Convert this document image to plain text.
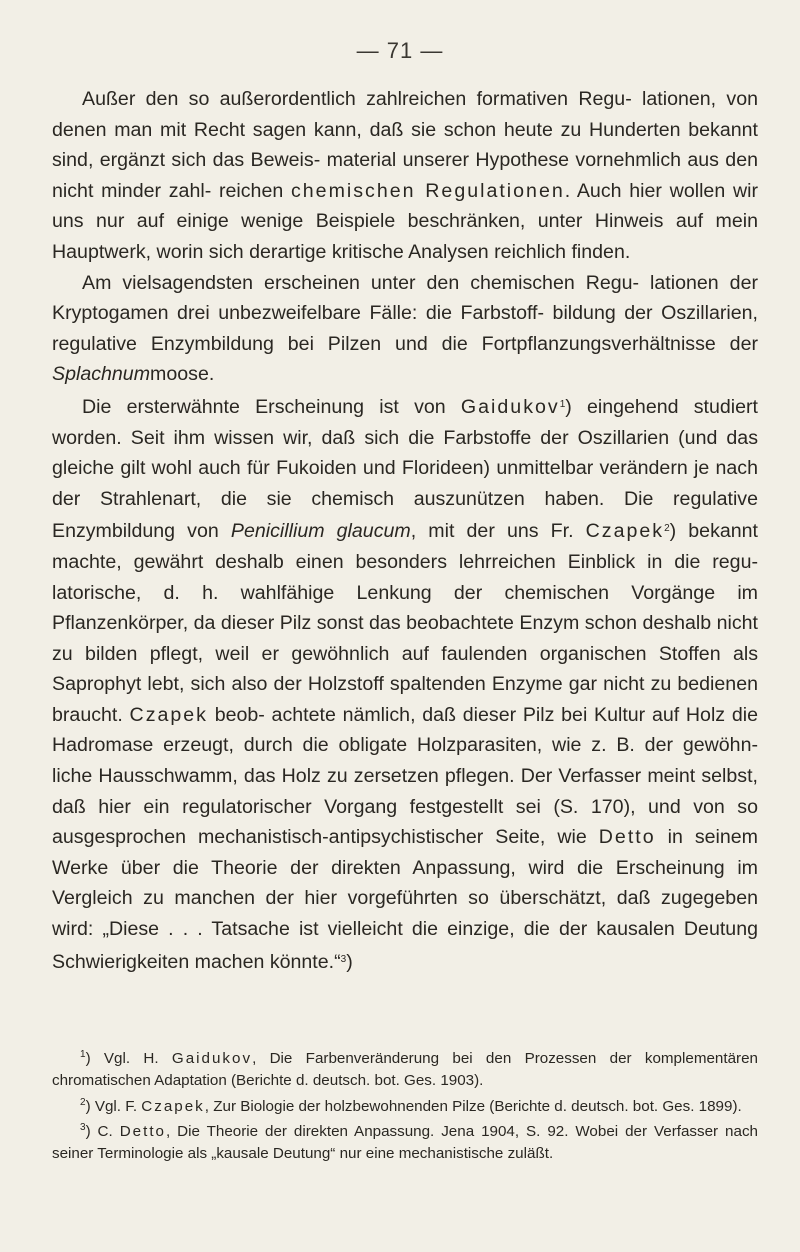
— 71 —

Außer den so außerordentlich zahlreichen formativen Regu- lationen, von denen man mit Recht sagen kann, daß sie schon heute zu Hunderten bekannt sind, ergänzt sich das Beweis- material unserer Hypothese vornehmlich aus den nicht minder zahl- reichen chemischen Regulationen. Auch hier wollen wir uns nur auf einige wenige Beispiele beschränken, unter Hinweis auf mein Hauptwerk, worin sich derartige kritische Analysen reichlich finden.

Am vielsagendsten erscheinen unter den chemischen Regu- lationen der Kryptogamen drei unbezweifelbare Fälle: die Farbstoff- bildung der Oszillarien, regulative Enzymbildung bei Pilzen und die Fortpflanzungsverhältnisse der Splachnummoose.

Die ersterwähnte Erscheinung ist von Gaidukov$^1$) eingehend studiert worden. Seit ihm wissen wir, daß sich die Farbstoffe der Oszillarien (und das gleiche gilt wohl auch für Fukoiden und Florideen) unmittelbar verändern je nach der Strahlenart, die sie chemisch auszunützen haben. Die regulative Enzymbildung von Penicillium glaucum, mit der uns Fr. Czapek$^2$) bekannt machte, gewährt deshalb einen besonders lehrreichen Einblick in die regu- latorische, d. h. wahlfähige Lenkung der chemischen Vorgänge im Pflanzenkörper, da dieser Pilz sonst das beobachtete Enzym schon deshalb nicht zu bilden pflegt, weil er gewöhnlich auf faulenden organischen Stoffen als Saprophyt lebt, sich also der Holzstoff spaltenden Enzyme gar nicht zu bedienen braucht. Czapek beob- achtete nämlich, daß dieser Pilz bei Kultur auf Holz die Hadromase erzeugt, durch die obligate Holzparasiten, wie z. B. der gewöhn- liche Hausschwamm, das Holz zu zersetzen pflegen. Der Verfasser meint selbst, daß hier ein regulatorischer Vorgang festgestellt sei (S. 170), und von so ausgesprochen mechanistisch-antipsychistischer Seite, wie Detto in seinem Werke über die Theorie der direkten Anpassung, wird die Erscheinung im Vergleich zu manchen der hier vorgeführten so überschätzt, daß zugegeben wird: „Diese . . . Tatsache ist vielleicht die einzige, die der kausalen Deutung Schwierigkeiten machen könnte.“$^3$)

$^1$) Vgl. H. Gaidukov, Die Farbenveränderung bei den Prozessen der komplementären chromatischen Adaptation (Berichte d. deutsch. bot. Ges. 1903).

$^2$) Vgl. F. Czapek, Zur Biologie der holzbewohnenden Pilze (Berichte d. deutsch. bot. Ges. 1899).

$^3$) C. Detto, Die Theorie der direkten Anpassung. Jena 1904, S. 92. Wobei der Verfasser nach seiner Terminologie als „kausale Deutung“ nur eine mechanistische zuläßt.
